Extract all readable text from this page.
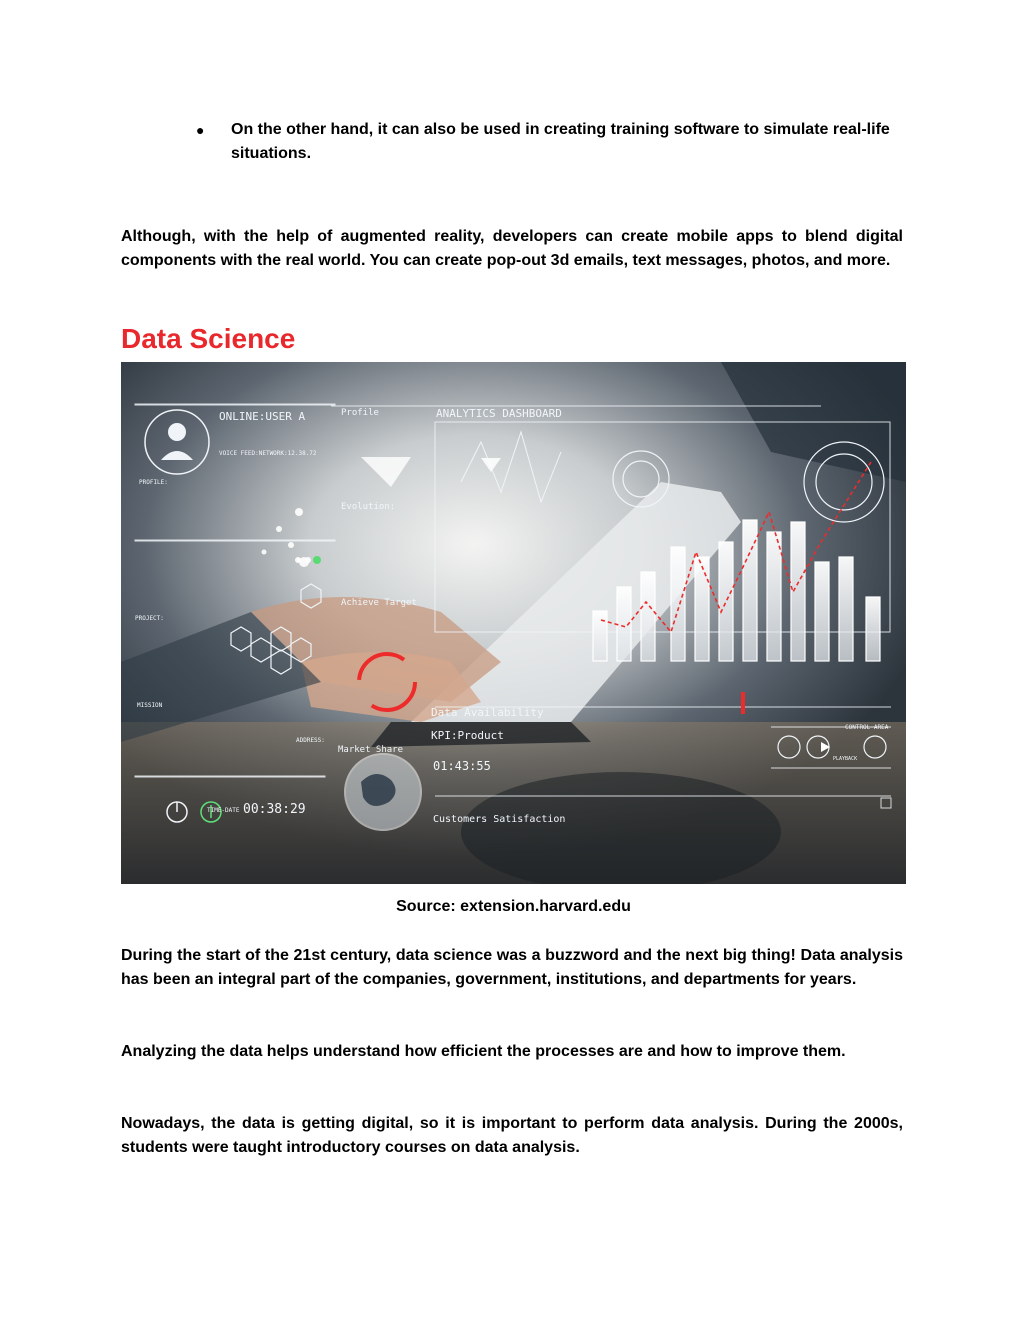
● On the other hand, it can also be used in creating training software to simulate real-life situations.

Although, with the help of augmented reality, developers can create mobile apps to blend digital components with the real world. You can create pop-out 3d emails, text messages, photos, and more.

Data Science
ONLINE:USER A	Profile	ANALYTICS DASHBOARD
VOICE FEED:NETWORK:12.38.72
PROFILE:
Evolution:
PROJECT:
Achieve Target
MISSION
Data Availability
KPI:Product
ADDRESS:
Market Share
01:43:55
CONTROL-AREA
PLAYBACK
TIME-DATE 00:38:29
Customers Satisfaction

Source: extension.harvard.edu

During the start of the 21st century, data science was a buzzword and the next big thing! Data analysis has been an integral part of the companies, government, institutions, and departments for years.

Analyzing the data helps understand how efficient the processes are and how to improve them.

Nowadays, the data is getting digital, so it is important to perform data analysis. During the 2000s, students were taught introductory courses on data analysis.
